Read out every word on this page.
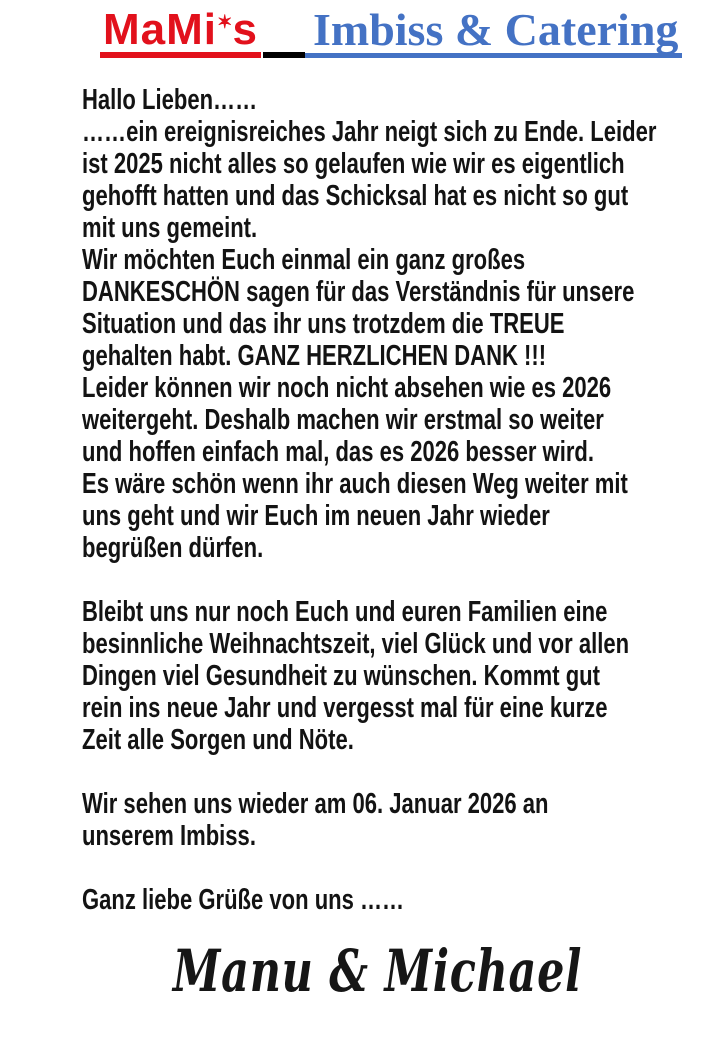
MaMi✶s Imbiss & Catering
Hallo Lieben……
……ein ereignisreiches Jahr neigt sich zu Ende. Leider
ist 2025 nicht alles so gelaufen wie wir es eigentlich
gehofft hatten und das Schicksal hat es nicht so gut
mit uns gemeint.
Wir möchten Euch einmal ein ganz großes
DANKESCHÖN sagen für das Verständnis für unsere
Situation und das ihr uns trotzdem die TREUE
gehalten habt. GANZ HERZLICHEN DANK !!!
Leider können wir noch nicht absehen wie es 2026
weitergeht. Deshalb machen wir erstmal so weiter
und hoffen einfach mal, das es 2026 besser wird.
Es wäre schön wenn ihr auch diesen Weg weiter mit
uns geht und wir Euch im neuen Jahr wieder
begrüßen dürfen.
Bleibt uns nur noch Euch und euren Familien eine
besinnliche Weihnachtszeit, viel Glück und vor allen
Dingen viel Gesundheit zu wünschen. Kommt gut
rein ins neue Jahr und vergesst mal für eine kurze
Zeit alle Sorgen und Nöte.
Wir sehen uns wieder am 06. Januar 2026 an
unserem Imbiss.
Ganz liebe Grüße von uns ……
Manu & Michael
